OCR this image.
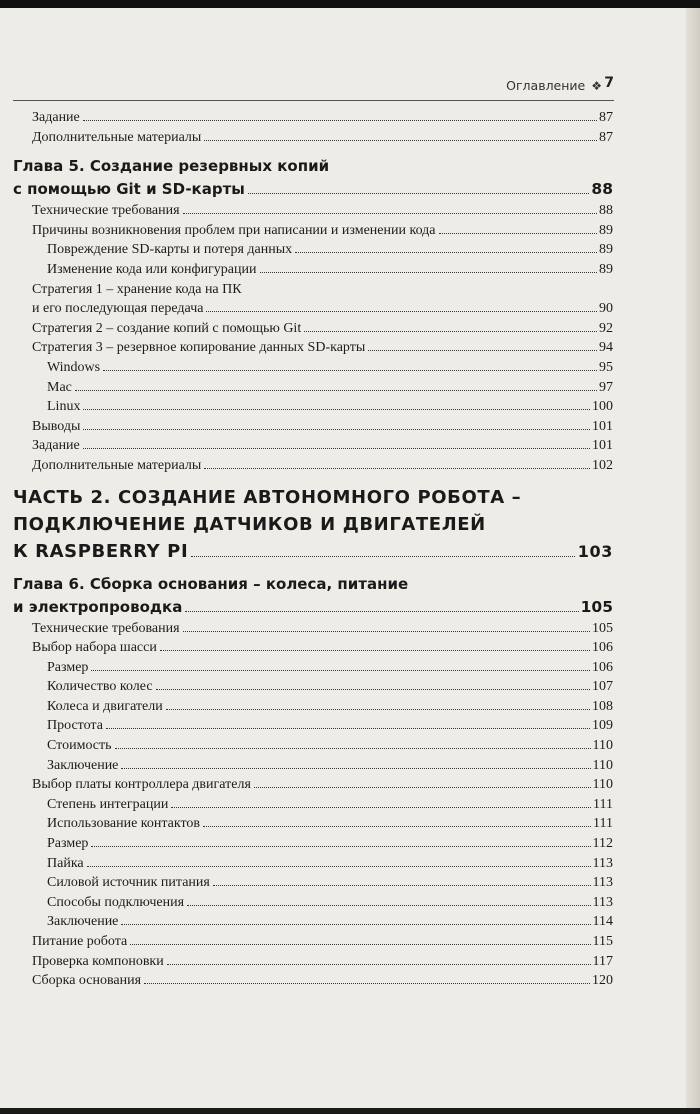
Оглавление ❖ 7
Задание	87
Дополнительные материалы	87
Глава 5. Создание резервных копий
с помощью Git и SD-карты	88
Технические требования	88
Причины возникновения проблем при написании и изменении кода	89
Повреждение SD-карты и потеря данных	89
Изменение кода или конфигурации	89
Стратегия 1 – хранение кода на ПК
и его последующая передача	90
Стратегия 2 – создание копий с помощью Git	92
Стратегия 3 – резервное копирование данных SD-карты	94
Windows	95
Mac	97
Linux	100
Выводы	101
Задание	101
Дополнительные материалы	102
ЧАСТЬ 2. СОЗДАНИЕ АВТОНОМНОГО РОБОТА –
ПОДКЛЮЧЕНИЕ ДАТЧИКОВ И ДВИГАТЕЛЕЙ
К RASPBERRY PI	103
Глава 6. Сборка основания – колеса, питание
и электропроводка	105
Технические требования	105
Выбор набора шасси	106
Размер	106
Количество колес	107
Колеса и двигатели	108
Простота	109
Стоимость	110
Заключение	110
Выбор платы контроллера двигателя	110
Степень интеграции	111
Использование контактов	111
Размер	112
Пайка	113
Силовой источник питания	113
Способы подключения	113
Заключение	114
Питание робота	115
Проверка компоновки	117
Сборка основания	120
